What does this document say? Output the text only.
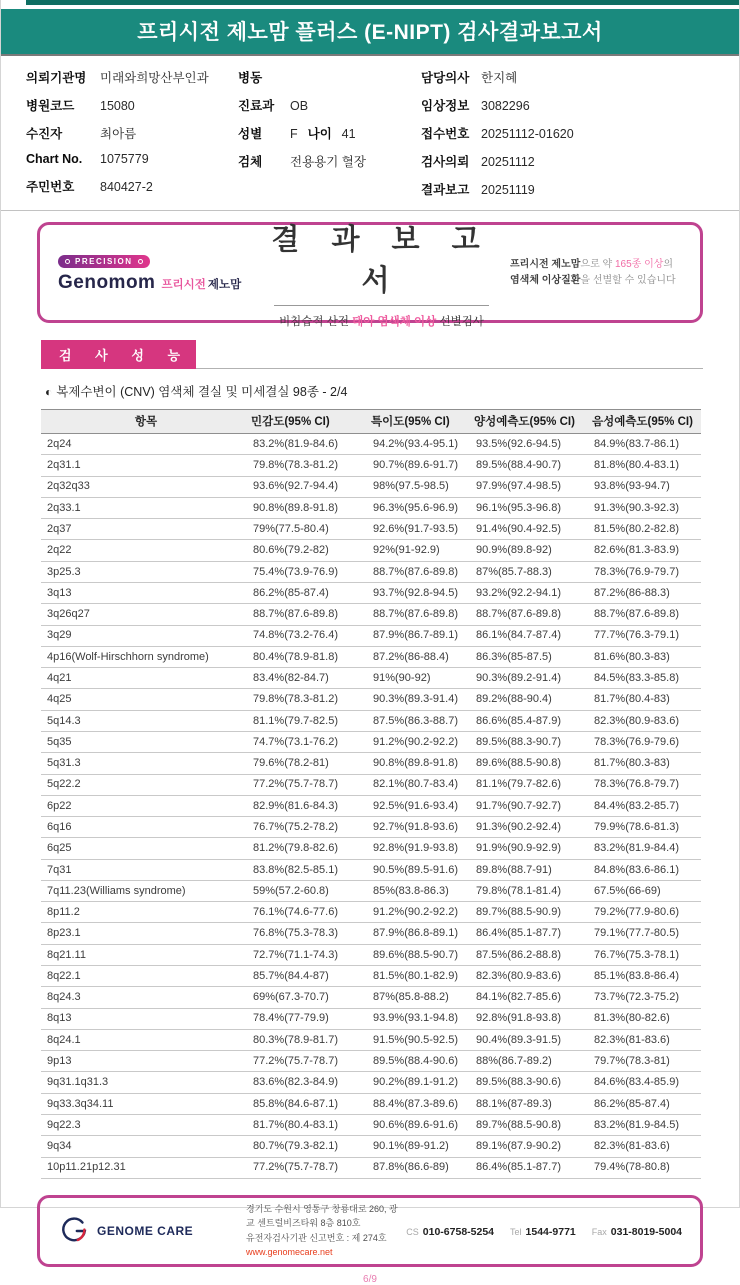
프리시전 제노맘 플러스 (E-NIPT) 검사결과보고서
의뢰기관명	미래와희망산부인과
병원코드	15080
수진자	최아름
Chart No.	1075779
주민번호	840427-2
병동
진료과	OB
성별	F 나이 41
검체	전용용기 혈장
담당의사 한지혜
임상정보 3082296
접수번호 20251112-01620
검사의뢰 20251112
결과보고 20251119
PRECISION
Genomom 프리시전 제노맘
결 과 보 고 서
비침습적 산전 태아 염색체 이상 선별검사
프리시전 제노맘으로 약 165종 이상의
염색체 이상질환을 선별할 수 있습니다
검 사 성 능
◐ 복제수변이 (CNV) 염색체 결실 및 미세결실 98종 - 2/4
항목	민감도(95% CI)	특이도(95% CI)	양성예측도(95% CI)	음성예측도(95% CI)
2q24	83.2%(81.9-84.6)	94.2%(93.4-95.1)	93.5%(92.6-94.5)	84.9%(83.7-86.1)
2q31.1	79.8%(78.3-81.2)	90.7%(89.6-91.7)	89.5%(88.4-90.7)	81.8%(80.4-83.1)
2q32q33	93.6%(92.7-94.4)	98%(97.5-98.5)	97.9%(97.4-98.5)	93.8%(93-94.7)
2q33.1	90.8%(89.8-91.8)	96.3%(95.6-96.9)	96.1%(95.3-96.8)	91.3%(90.3-92.3)
2q37	79%(77.5-80.4)	92.6%(91.7-93.5)	91.4%(90.4-92.5)	81.5%(80.2-82.8)
2q22	80.6%(79.2-82)	92%(91-92.9)	90.9%(89.8-92)	82.6%(81.3-83.9)
3p25.3	75.4%(73.9-76.9)	88.7%(87.6-89.8)	87%(85.7-88.3)	78.3%(76.9-79.7)
3q13	86.2%(85-87.4)	93.7%(92.8-94.5)	93.2%(92.2-94.1)	87.2%(86-88.3)
3q26q27	88.7%(87.6-89.8)	88.7%(87.6-89.8)	88.7%(87.6-89.8)	88.7%(87.6-89.8)
3q29	74.8%(73.2-76.4)	87.9%(86.7-89.1)	86.1%(84.7-87.4)	77.7%(76.3-79.1)
4p16(Wolf-Hirschhorn syndrome)	80.4%(78.9-81.8)	87.2%(86-88.4)	86.3%(85-87.5)	81.6%(80.3-83)
4q21	83.4%(82-84.7)	91%(90-92)	90.3%(89.2-91.4)	84.5%(83.3-85.8)
4q25	79.8%(78.3-81.2)	90.3%(89.3-91.4)	89.2%(88-90.4)	81.7%(80.4-83)
5q14.3	81.1%(79.7-82.5)	87.5%(86.3-88.7)	86.6%(85.4-87.9)	82.3%(80.9-83.6)
5q35	74.7%(73.1-76.2)	91.2%(90.2-92.2)	89.5%(88.3-90.7)	78.3%(76.9-79.6)
5q31.3	79.6%(78.2-81)	90.8%(89.8-91.8)	89.6%(88.5-90.8)	81.7%(80.3-83)
5q22.2	77.2%(75.7-78.7)	82.1%(80.7-83.4)	81.1%(79.7-82.6)	78.3%(76.8-79.7)
6p22	82.9%(81.6-84.3)	92.5%(91.6-93.4)	91.7%(90.7-92.7)	84.4%(83.2-85.7)
6q16	76.7%(75.2-78.2)	92.7%(91.8-93.6)	91.3%(90.2-92.4)	79.9%(78.6-81.3)
6q25	81.2%(79.8-82.6)	92.8%(91.9-93.8)	91.9%(90.9-92.9)	83.2%(81.9-84.4)
7q31	83.8%(82.5-85.1)	90.5%(89.5-91.6)	89.8%(88.7-91)	84.8%(83.6-86.1)
7q11.23(Williams syndrome)	59%(57.2-60.8)	85%(83.8-86.3)	79.8%(78.1-81.4)	67.5%(66-69)
8p11.2	76.1%(74.6-77.6)	91.2%(90.2-92.2)	89.7%(88.5-90.9)	79.2%(77.9-80.6)
8p23.1	76.8%(75.3-78.3)	87.9%(86.8-89.1)	86.4%(85.1-87.7)	79.1%(77.7-80.5)
8q21.11	72.7%(71.1-74.3)	89.6%(88.5-90.7)	87.5%(86.2-88.8)	76.7%(75.3-78.1)
8q22.1	85.7%(84.4-87)	81.5%(80.1-82.9)	82.3%(80.9-83.6)	85.1%(83.8-86.4)
8q24.3	69%(67.3-70.7)	87%(85.8-88.2)	84.1%(82.7-85.6)	73.7%(72.3-75.2)
8q13	78.4%(77-79.9)	93.9%(93.1-94.8)	92.8%(91.8-93.8)	81.3%(80-82.6)
8q24.1	80.3%(78.9-81.7)	91.5%(90.5-92.5)	90.4%(89.3-91.5)	82.3%(81-83.6)
9p13	77.2%(75.7-78.7)	89.5%(88.4-90.6)	88%(86.7-89.2)	79.7%(78.3-81)
9q31.1q31.3	83.6%(82.3-84.9)	90.2%(89.1-91.2)	89.5%(88.3-90.6)	84.6%(83.4-85.9)
9q33.3q34.11	85.8%(84.6-87.1)	88.4%(87.3-89.6)	88.1%(87-89.3)	86.2%(85-87.4)
9q22.3	81.7%(80.4-83.1)	90.6%(89.6-91.6)	89.7%(88.5-90.8)	83.2%(81.9-84.5)
9q34	80.7%(79.3-82.1)	90.1%(89-91.2)	89.1%(87.9-90.2)	82.3%(81-83.6)
10p11.21p12.31	77.2%(75.7-78.7)	87.8%(86.6-89)	86.4%(85.1-87.7)	79.4%(78-80.8)
GENOME CARE
경기도 수원시 영통구 창룡대로 260, 광교 센트럴비즈타워 8층 810호
유전자검사기관 신고번호 : 제 274호
www.genomecare.net
CS 010-6758-5254 Tel 1544-9771 Fax 031-8019-5004
6/9
